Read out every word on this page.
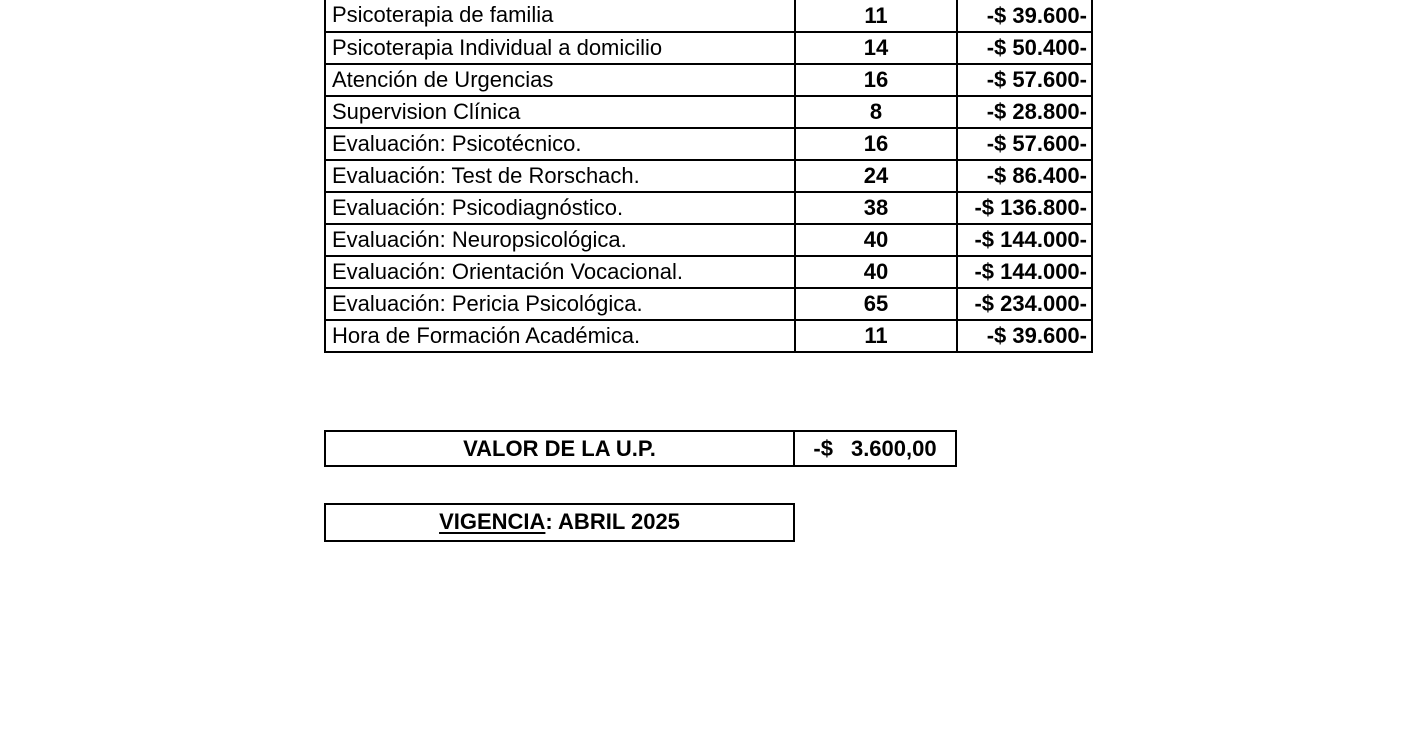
Psicoterapia de familia	11	-$ 39.600-
Psicoterapia Individual a domicilio	14	-$ 50.400-
Atención de Urgencias	16	-$ 57.600-
Supervision Clínica	8	-$ 28.800-
Evaluación: Psicotécnico.	16	-$ 57.600-
Evaluación: Test de Rorschach.	24	-$ 86.400-
Evaluación: Psicodiagnóstico.	38	-$ 136.800-
Evaluación: Neuropsicológica.	40	-$ 144.000-
Evaluación: Orientación Vocacional.	40	-$ 144.000-
Evaluación: Pericia Psicológica.	65	-$ 234.000-
Hora de Formación Académica.	11	-$ 39.600-
VALOR DE LA U.P.	-$ 3.600,00
VIGENCIA: ABRIL 2025
